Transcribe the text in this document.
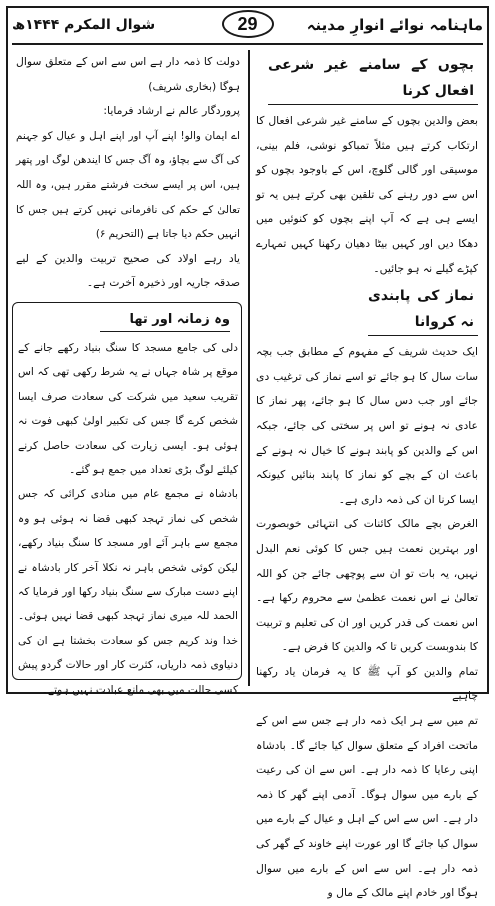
ماہنامہ نوائے انوارِ مدینہ
29
شوال المکرم ۱۴۴۴ھ
بچوں کے سامنے غیر شرعی افعال کرنا

بعض والدین بچوں کے سامنے غیر شرعی افعال کا ارتکاب کرتے ہیں مثلاً تمباکو نوشی، فلم بینی، موسیقی اور گالی گلوچ، اس کے باوجود بچوں کو اس سے دور رہنے کی تلقین بھی کرتے ہیں یہ تو ایسے ہی ہے کہ آپ اپنے بچوں کو کنوئیں میں دھکا دیں اور کہیں بیٹا دھیان رکھنا کہیں تمہارے کپڑے گیلے نہ ہو جائیں۔

نماز کی پابندی نہ کروانا

ایک حدیث شریف کے مفہوم کے مطابق جب بچہ سات سال کا ہو جائے تو اسے نماز کی ترغیب دی جائے اور جب دس سال کا ہو جائے، پھر نماز کا عادی نہ ہونے تو اس پر سختی کی جائے، جبکہ اس کے والدین کو پابند ہونے کا خیال نہ ہونے کے باعث ان کے بچے کو نماز کا پابند بنائیں کیونکہ ایسا کرنا ان کی ذمہ داری ہے۔

الغرض بچے مالک کائنات کی انتہائی خوبصورت اور بہترین نعمت ہیں جس کا کوئی نعم البدل نہیں، یہ بات تو ان سے پوچھی جائے جن کو اللہ تعالیٰ نے اس نعمت عظمیٰ سے محروم رکھا ہے۔ اس نعمت کی قدر کریں اور ان کی تعلیم و تربیت کا بندوبست کریں تا کہ والدین کا فرض ہے۔

تمام والدین کو آپ ﷺ کا یہ فرمان یاد رکھنا چاہیے

تم میں سے ہر ایک ذمہ دار ہے جس سے اس کے ماتحت افراد کے متعلق سوال کیا جائے گا۔ بادشاہ اپنی رعایا کا ذمہ دار ہے۔ اس سے ان کی رعیت کے بارے میں سوال ہوگا۔ آدمی اپنے گھر کا ذمہ دار ہے۔ اس سے اس کے اہل و عیال کے بارے میں سوال کیا جائے گا اور عورت اپنے خاوند کے گھر کی ذمہ دار ہے۔ اس سے اس کے بارے میں سوال ہوگا اور خادم اپنے مالک کے مال و

دولت کا ذمہ دار ہے اس سے اس کے متعلق سوال ہوگا (بخاری شریف)

پروردگار عالم نے ارشاد فرمایا:

اے ایمان والو! اپنے آپ اور اپنے اہل و عیال کو جہنم کی آگ سے بچاؤ، وہ آگ جس کا ایندھن لوگ اور پتھر ہیں، اس پر ایسے سخت فرشتے مقرر ہیں، وہ اللہ تعالیٰ کے حکم کی نافرمانی نہیں کرتے ہیں جس کا انہیں حکم دیا جاتا ہے (التحریم ۶)

یاد رہے اولاد کی صحیح تربیت والدین کے لیے صدقہ جاریہ اور ذخیرہ آخرت ہے۔

وہ زمانہ اور تھا

دلی کی جامع مسجد کا سنگ بنیاد رکھے جانے کے موقع پر شاہ جہاں نے یہ شرط رکھی تھی کہ اس تقریب سعید میں شرکت کی سعادت صرف ایسا شخص کرے گا جس کی تکبیر اولیٰ کبھی فوت نہ ہوئی ہو۔ ایسی زیارت کی سعادت حاصل کرنے کیلئے لوگ بڑی تعداد میں جمع ہو گئے۔

بادشاہ نے مجمع عام میں منادی کرائی کہ جس شخص کی نماز تہجد کبھی قضا نہ ہوئی ہو وہ مجمع سے باہر آئے اور مسجد کا سنگ بنیاد رکھے، لیکن کوئی شخص باہر نہ نکلا آخر کار بادشاہ نے اپنے دست مبارک سے سنگ بنیاد رکھا اور فرمایا کہ الحمد للہ میری نماز تہجد کبھی قضا نہیں ہوئی۔ خدا وند کریم جس کو سعادت بخشتا ہے ان کی دنیاوی ذمہ داریاں، کثرت کار اور حالات گردو پیش کسی حالت میں بھی مانع عبادت نہیں ہوتے۔
